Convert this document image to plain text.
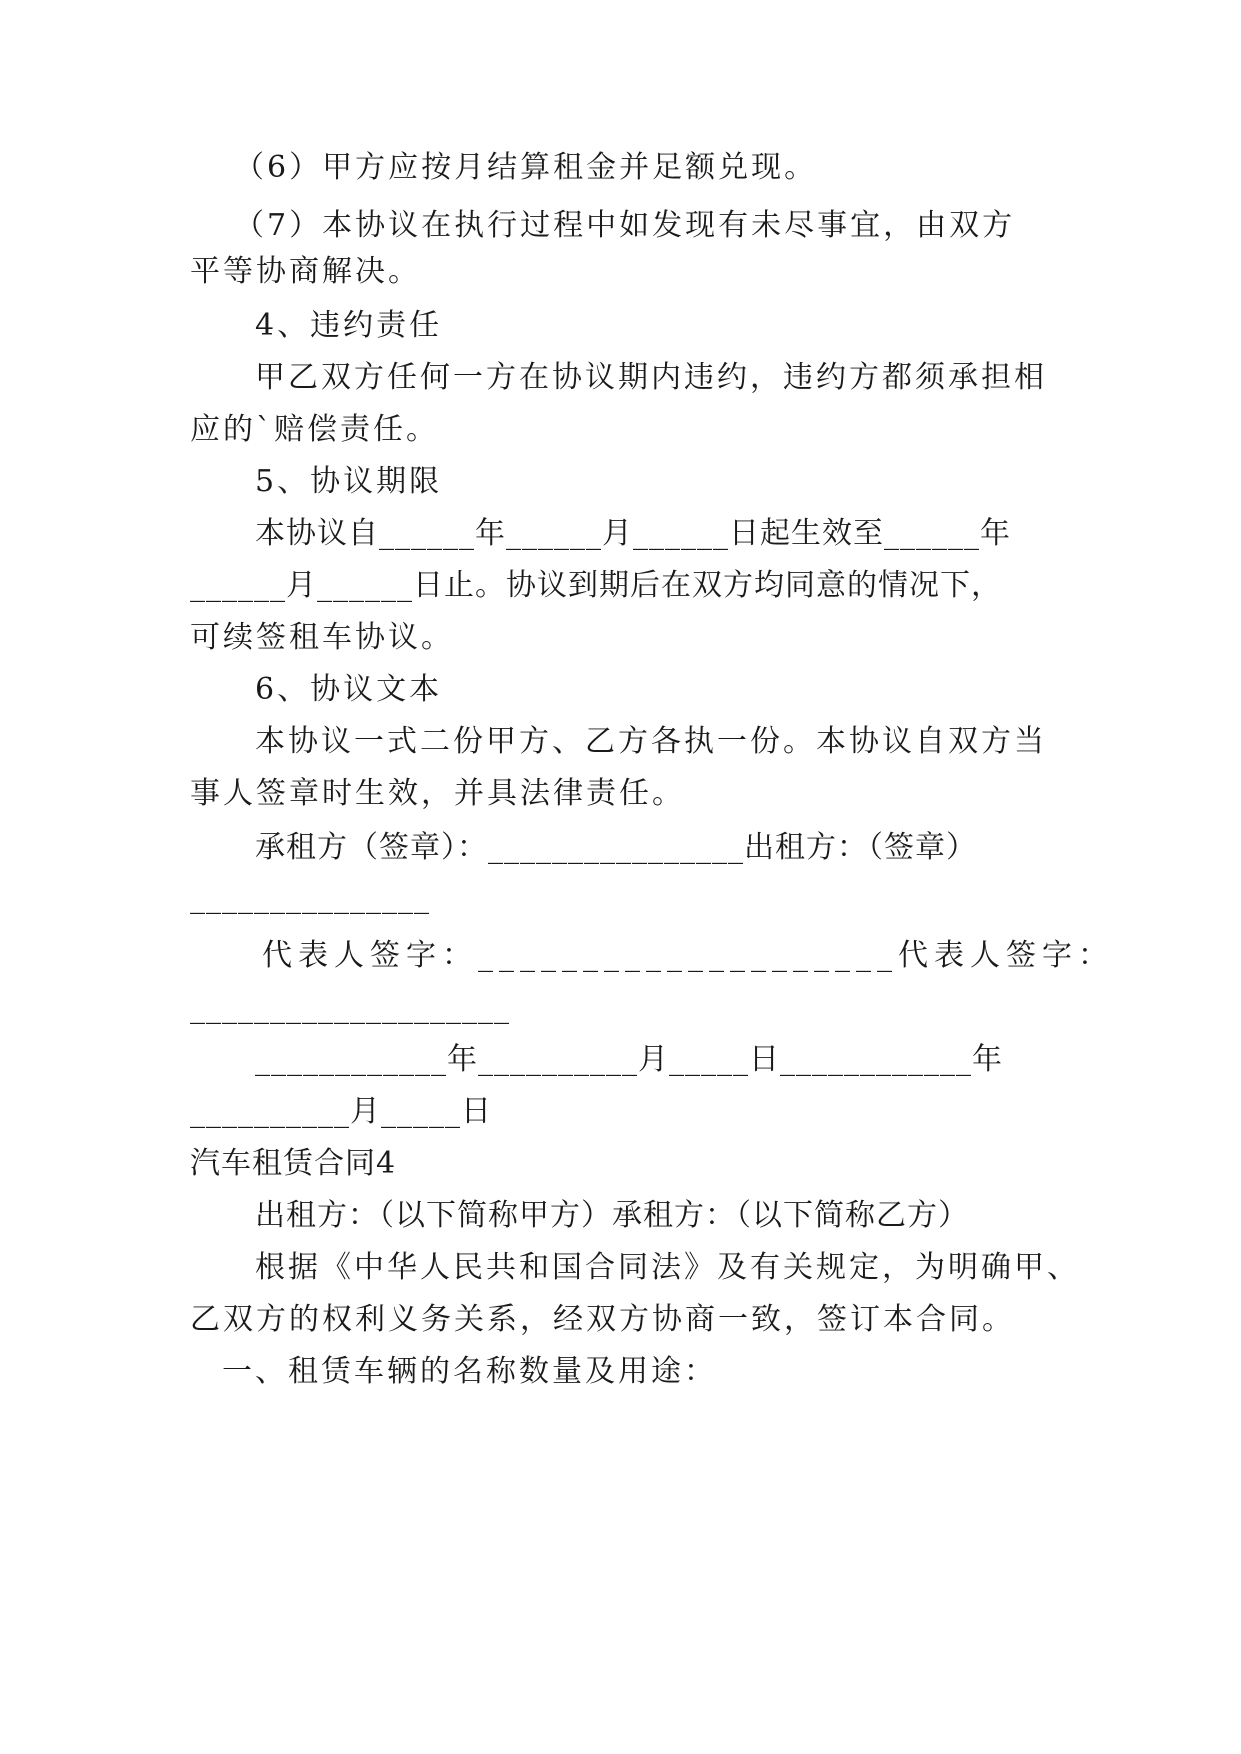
（6）甲方应按月结算租金并足额兑现。
（7）本协议在执行过程中如发现有未尽事宜，由双方
平等协商解决。
4、违约责任
甲乙双方任何一方在协议期内违约，违约方都须承担相
应的`赔偿责任。
5、协议期限
本协议自______年______月______日起生效至______年
______月______日止。协议到期后在双方均同意的情况下，
可续签租车协议。
6、协议文本
本协议一式二份甲方、乙方各执一份。本协议自双方当
事人签章时生效，并具法律责任。
承租方（签章）：________________出租方：（签章）
_______________
代表人签字：____________________代表人签字：
____________________
____________年__________月_____日____________年
__________月_____日
汽车租赁合同4
出租方：（以下简称甲方）承租方：（以下简称乙方）
根据《中华人民共和国合同法》及有关规定，为明确甲、
乙双方的权利义务关系，经双方协商一致，签订本合同。
一、租赁车辆的名称数量及用途：
